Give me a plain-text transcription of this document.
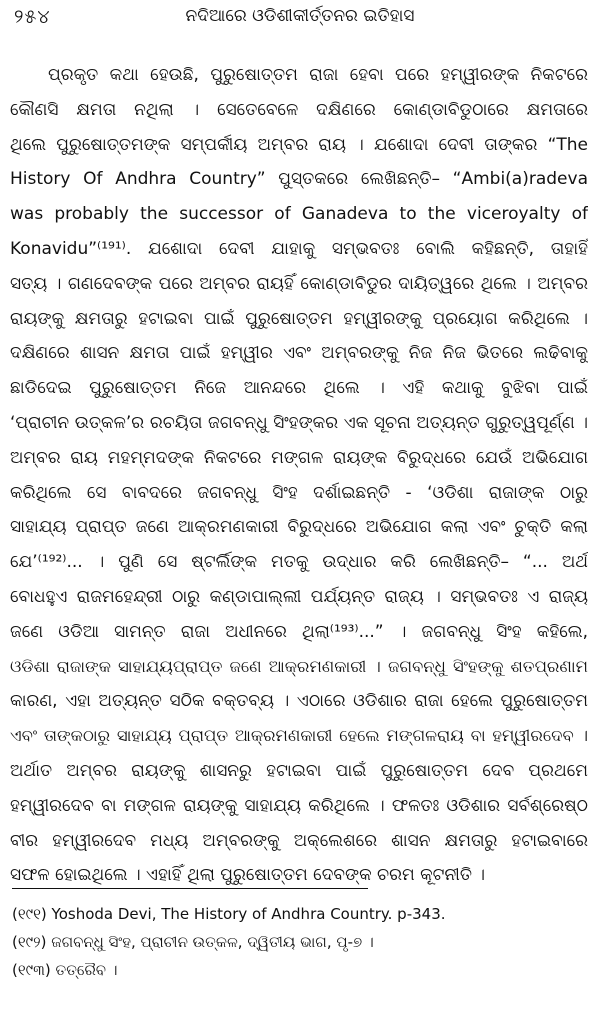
୨୫୪	ନଦିଆରେ ଓଡିଶୀକୀର୍ତ୍ତନର ଇତିହାସ
ପ୍ରକୃତ କଥା ହେଉଛି, ପୁରୁଷୋତ୍ତମ ରାଜା ହେବା ପରେ ହମ୍ୱୀରଙ୍କ ନିକଟରେ
କୌଣସି କ୍ଷମତା ନଥିଲା । ସେତେବେଳେ ଦକ୍ଷିଣରେ କୋଣ୍ଡାବିଡୁଠାରେ କ୍ଷମତାରେ
ଥିଲେ ପୁରୁଷୋତ୍ତମଙ୍କ ସମ୍ପର୍କୀୟ ଅମ୍ବର ରାୟ । ଯଶୋଦା ଦେବୀ ତାଙ୍କର “The
History Of Andhra Country” ପୁସ୍ତକରେ ଲେଖିଛନ୍ତି– “Ambi(a)radeva
was probably the successor of Ganadeva to the viceroyalty of
Konavidu”⁽¹⁹¹⁾. ଯଶୋଦା ଦେବୀ ଯାହାକୁ ସମ୍ଭବତଃ ବୋଲି କହିଛନ୍ତି, ତାହାହିଁ
ସତ୍ୟ । ଗଣଦେବଙ୍କ ପରେ ଅମ୍ବର ରାୟହିଁ କୋଣ୍ଡାବିଡୁର ଦାୟିତ୍ୱରେ ଥିଲେ । ଅମ୍ବର
ରାୟଙ୍କୁ କ୍ଷମତାରୁ ହଟାଇବା ପାଇଁ ପୁରୁଷୋତ୍ତମ ହମ୍ୱୀରଙ୍କୁ ପ୍ରୟୋଗ କରିଥିଲେ ।
ଦକ୍ଷିଣରେ ଶାସନ କ୍ଷମତା ପାଇଁ ହମ୍ୱୀର ଏବଂ ଅମ୍ବରଙ୍କୁ ନିଜ ନିଜ ଭିତରେ ଲଢିବାକୁ
ଛାଡିଦେଇ ପୁରୁଷୋତ୍ତମ ନିଜେ ଆନନ୍ଦରେ ଥିଲେ । ଏହି କଥାକୁ ବୁଝିବା ପାଇଁ
‘ପ୍ରାଚୀନ ଉତ୍କଳ’ର ରଚୟିତା ଜଗବନ୍ଧୁ ସିଂହଙ୍କର ଏକ ସୂଚନା ଅତ୍ୟନ୍ତ ଗୁରୁତ୍ୱପୂର୍ଣ୍ଣ ।
ଅମ୍ବର ରାୟ ମହମ୍ମଦଙ୍କ ନିକଟରେ ମଙ୍ଗଳ ରାୟଙ୍କ ବିରୁଦ୍ଧରେ ଯେଉଁ ଅଭିଯୋଗ
କରିଥିଲେ ସେ ବାବଦରେ ଜଗବନ୍ଧୁ ସିଂହ ଦର୍ଶାଇଛନ୍ତି - ‘ଓଡିଶା ରାଜାଙ୍କ ଠାରୁ
ସାହାଯ୍ୟ ପ୍ରାପ୍ତ ଜଣେ ଆକ୍ରମଣକାରୀ ବିରୁଦ୍ଧରେ ଅଭିଯୋଗ କଲା ଏବଂ ଚୁକ୍ତି କଲା
ଯେ’⁽¹⁹²⁾... । ପୁଣି ସେ ଷ୍ଟର୍ଲିଙ୍କ ମତକୁ ଉଦ୍ଧାର କରି ଲେଖିଛନ୍ତି– “... ଅର୍ଥ
ବୋଧହୁଏ ରାଜମହେନ୍ଦ୍ରୀ ଠାରୁ କଣ୍ଡାପାଲ୍ଲୀ ପର୍ଯ୍ୟନ୍ତ ରାଜ୍ୟ । ସମ୍ଭବତଃ ଏ ରାଜ୍ୟ
ଜଣେ ଓଡିଆ ସାମନ୍ତ ରାଜା ଅଧୀନରେ ଥିଲା⁽¹⁹³⁾...” । ଜଗବନ୍ଧୁ ସିଂହ କହିଲେ,
ଓଡିଶା ରାଜାଙ୍କ ସାହାଯ୍ୟପ୍ରାପ୍ତ ଜଣେ ଆକ୍ରମଣକାରୀ । ଜଗବନ୍ଧୁ ସିଂହଙ୍କୁ ଶତପ୍ରଣାମ
କାରଣ, ଏହା ଅତ୍ୟନ୍ତ ସଠିକ ବକ୍ତବ୍ୟ । ଏଠାରେ ଓଡିଶାର ରାଜା ହେଲେ ପୁରୁଷୋତ୍ତମ
ଏବଂ ତାଙ୍କଠାରୁ ସାହାଯ୍ୟ ପ୍ରାପ୍ତ ଆକ୍ରମଣକାରୀ ହେଲେ ମଙ୍ଗଳରାୟ ବା ହମ୍ୱୀରଦେବ ।
ଅର୍ଥାତ ଅମ୍ବର ରାୟଙ୍କୁ ଶାସନରୁ ହଟାଇବା ପାଇଁ ପୁରୁଷୋତ୍ତମ ଦେବ ପ୍ରଥମେ
ହମ୍ୱୀରଦେବ ବା ମଙ୍ଗଳ ରାୟଙ୍କୁ ସାହାଯ୍ୟ କରିଥିଲେ । ଫଳତଃ ଓଡିଶାର ସର୍ବଶ୍ରେଷ୍ଠ
ବୀର ହମ୍ୱୀରଦେବ ମଧ୍ୟ ଅମ୍ବରଙ୍କୁ ଅକ୍ଲେଶରେ ଶାସନ କ୍ଷମତାରୁ ହଟାଇବାରେ
ସଫଳ ହୋଇଥିଲେ । ଏହାହିଁ ଥିଲା ପୁରୁଷୋତ୍ତମ ଦେବଙ୍କ ଚରମ କୂଟନୀତି ।
(୧୯୧) Yoshoda Devi, The History of Andhra Country. p-343.
(୧୯୨) ଜଗବନ୍ଧୁ ସିଂହ, ପ୍ରାଚୀନ ଉତ୍କଳ, ଦ୍ୱିତୀୟ ଭାଗ, ପୃ-୭ ।
(୧୯୩) ତତ୍ରୈବ ।
